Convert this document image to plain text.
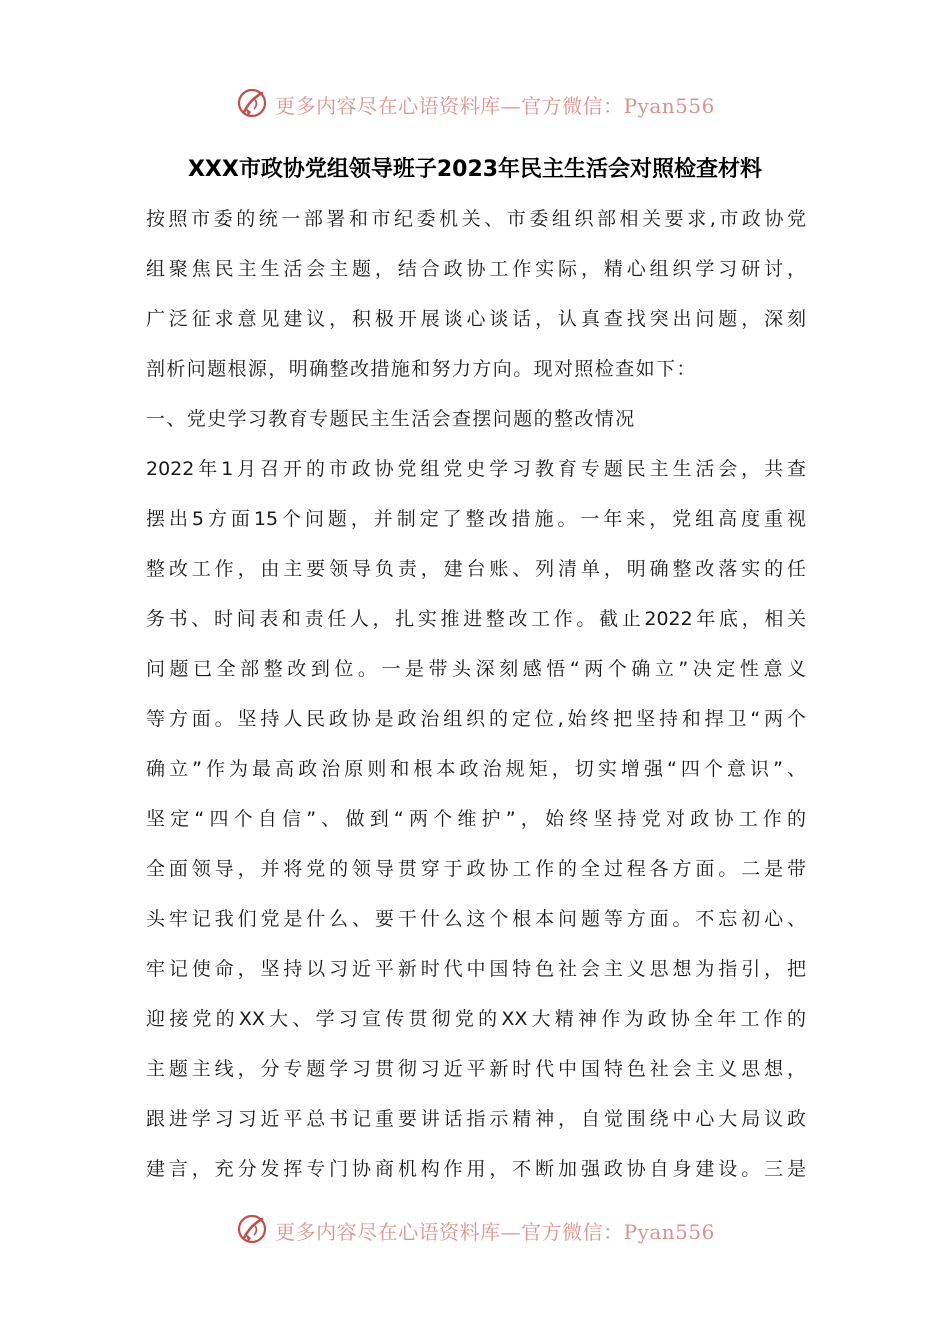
更多内容尽在心语资料库—官方微信：Pyan556
XXX市政协党组领导班子2023年民主生活会对照检查材料
按照市委的统一部署和市纪委机关、市委组织部相关要求,市政协党
组聚焦民主生活会主题，结合政协工作实际，精心组织学习研讨，
广泛征求意见建议，积极开展谈心谈话，认真查找突出问题，深刻
剖析问题根源，明确整改措施和努力方向。现对照检查如下：
一、党史学习教育专题民主生活会查摆问题的整改情况
2022年1月召开的市政协党组党史学习教育专题民主生活会，共查
摆出5方面15个问题，并制定了整改措施。一年来，党组高度重视
整改工作，由主要领导负责，建台账、列清单，明确整改落实的任
务书、时间表和责任人，扎实推进整改工作。截止2022年底，相关
问题已全部整改到位。一是带头深刻感悟“两个确立”决定性意义
等方面。坚持人民政协是政治组织的定位,始终把坚持和捍卫“两个
确立”作为最高政治原则和根本政治规矩，切实增强“四个意识”、
坚定“四个自信”、做到“两个维护”，始终坚持党对政协工作的
全面领导，并将党的领导贯穿于政协工作的全过程各方面。二是带
头牢记我们党是什么、要干什么这个根本问题等方面。不忘初心、
牢记使命，坚持以习近平新时代中国特色社会主义思想为指引，把
迎接党的XX大、学习宣传贯彻党的XX大精神作为政协全年工作的
主题主线，分专题学习贯彻习近平新时代中国特色社会主义思想，
跟进学习习近平总书记重要讲话指示精神，自觉围绕中心大局议政
建言，充分发挥专门协商机构作用，不断加强政协自身建设。三是
更多内容尽在心语资料库—官方微信：Pyan556
